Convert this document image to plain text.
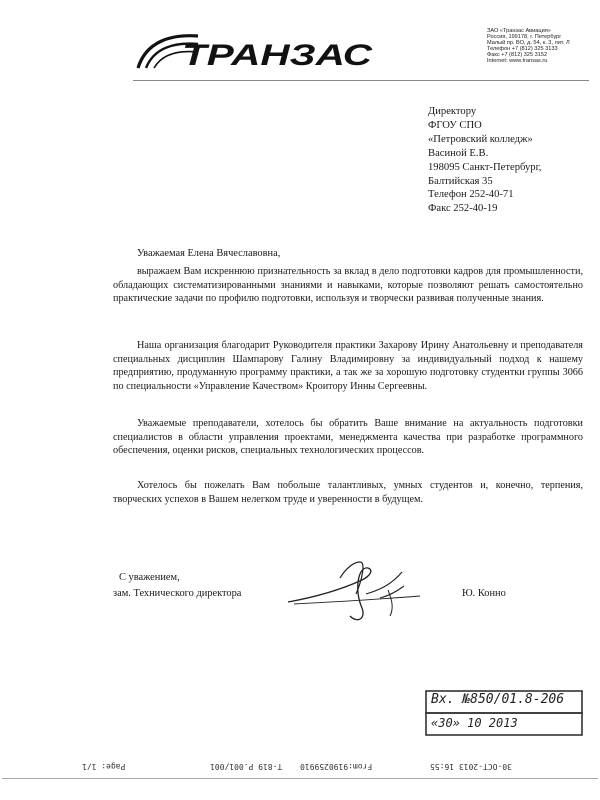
ТРАНЗАС
ЗАО «Транзас Авиация»
Россия, 199178, г. Петербург
Малый пр. ВО, д. 54, к. 3, лит. Л
Телефон +7 (812) 325 3133
Факс +7 (812) 325 3152
Internet: www.transas.ru
Директору
ФГОУ СПО
«Петровский колледж»
Васиной Е.В.
198095 Санкт-Петербург,
Балтийская 35
Телефон 252-40-71
Факс 252-40-19
Уважаемая Елена Вячеславовна,
выражаем Вам искреннюю признательность за вклад в дело подготовки кадров для промышленности, обладающих систематизированными знаниями и навыками, которые позволяют решать самостоятельно практические задачи по профилю подготовки, используя и творчески развивая полученные знания.
Наша организация благодарит Руководителя практики Захарову Ирину Анатольевну и преподавателя специальных дисциплин Шампарову Галину Владимировну за индивидуальный подход к нашему предприятию, продуманную программу практики, а так же за хорошую подготовку студентки группы 3066 по специальности «Управление Качеством» Кроитору Инны Сергеевны.
Уважаемые преподаватели, хотелось бы обратить Ваше внимание на актуальность подготовки специалистов в области управления проектами, менеджмента качества при разработке программного обеспечения, оценки рисков, специальных технологических процессов.
Хотелось бы пожелать Вам побольше талантливых, умных студентов и, конечно, терпения, творческих успехов в Вашем нелегком труде и уверенности в будущем.
С уважением,
зам. Технического директора	Ю. Конно
Вх. №850/01.8-206
«30» 10 2013
Page: 1/1	T-819 P.001/001 From:9190259910	30-OCT-2013 16:55
